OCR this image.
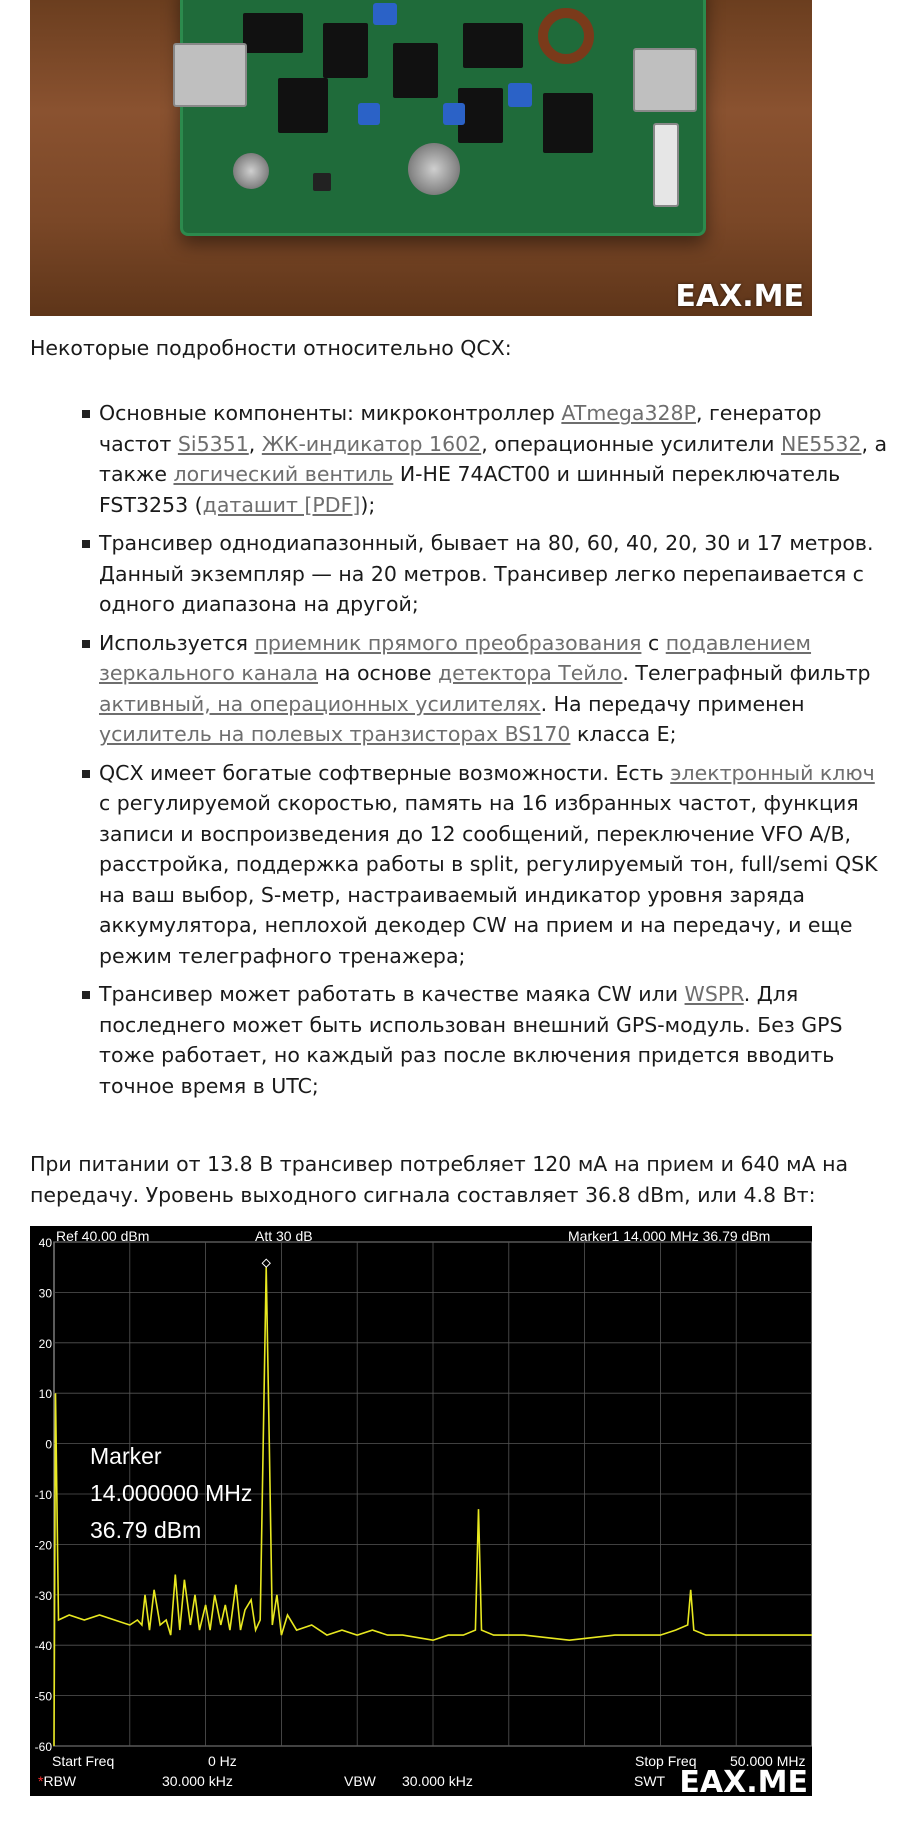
EAX.ME

Некоторые подробности относительно QCX:

Основные компоненты: микроконтроллер ATmega328P, генератор частот Si5351, ЖК-индикатор 1602, операционные усилители NE5532, а также логический вентиль И-НЕ 74ACT00 и шинный переключатель FST3253 (даташит [PDF]);
Трансивер однодиапазонный, бывает на 80, 60, 40, 20, 30 и 17 метров. Данный экземпляр — на 20 метров. Трансивер легко перепаивается с одного диапазона на другой;
Используется приемник прямого преобразования с подавлением зеркального канала на основе детектора Тейло. Телеграфный фильтр активный, на операционных усилителях. На передачу применен усилитель на полевых транзисторах BS170 класса E;
QCX имеет богатые софтверные возможности. Есть электронный ключ с регулируемой скоростью, память на 16 избранных частот, функция записи и воспроизведения до 12 сообщений, переключение VFO A/B, расстройка, поддержка работы в split, регулируемый тон, full/semi QSK на ваш выбор, S-метр, настраиваемый индикатор уровня заряда аккумулятора, неплохой декодер CW на прием и на передачу, и еще режим телеграфного тренажера;
Трансивер может работать в качестве маяка CW или WSPR. Для последнего может быть использован внешний GPS-модуль. Без GPS тоже работает, но каждый раз после включения придется вводить точное время в UTC;

При питании от 13.8 В трансивер потребляет 120 мА на прием и 640 мА на передачу. Уровень выходного сигнала составляет 36.8 dBm, или 4.8 Вт:

40
30
20
10
0
-10
-20
-30
-40
-50
-60
Ref 40.00 dBm	Att 30 dB	Marker1 14.000 MHz 36.79 dBm
Marker
14.000000 MHz
36.79 dBm
Start Freq	0 Hz	Stop Freq 50.000 MHz
*RBW	30.000 kHz	VBW 30.000 kHz	SWT EAX.ME
